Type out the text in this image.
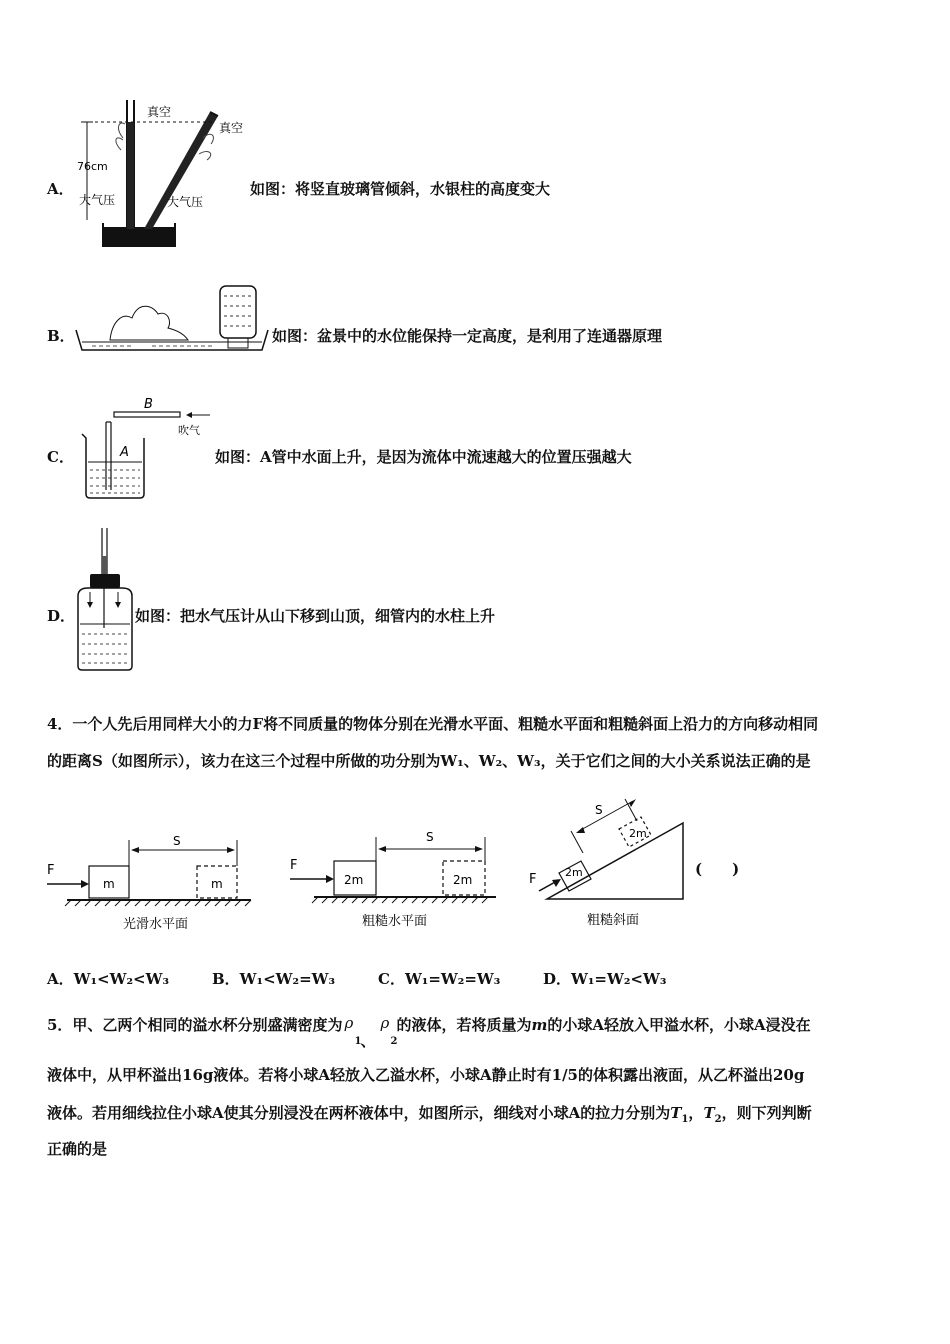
A．
真空
真空
76cm
大气压	大气压
如图：将竖直玻璃管倾斜，水银柱的高度变大
B．	如图：盆景中的水位能保持一定高度，是利用了连通器原理
C．
B
吹气
A	如图：A管中水面上升，是因为流体中流速越大的位置压强越大
D．	如图：把水气压计从山下移到山顶，细管内的水柱上升
4．一个人先后用同样大小的力F将不同质量的物体分别在光滑水平面、粗糙水平面和粗糙斜面上沿力的方向移动相同
的距离S（如图所示），该力在这三个过程中所做的功分别为W₁、W₂、W₃，关于它们之间的大小关系说法正确的是
F
m	m
S
光滑水平面
F
2m	2m
S
粗糙水平面
2m
2m
F
S
粗糙斜面
(　　)
A．W₁<W₂<W₃	B．W₁<W₂=W₃	C．W₁=W₂=W₃	D．W₁=W₂<W₃
5．甲、乙两个相同的溢水杯分别盛满密度为 ρ
1 、
ρ
2
的液体，若将质量为m的小球A轻放入甲溢水杯，小球A浸没在
液体中，从甲杯溢出16g液体。若将小球A轻放入乙溢水杯，小球A静止时有1/5的体积露出液面，从乙杯溢出20g
液体。若用细线拉住小球A使其分别浸没在两杯液体中，如图所示，细线对小球A的拉力分别为$T_1$，$T_2$，则下列判断
正确的是
